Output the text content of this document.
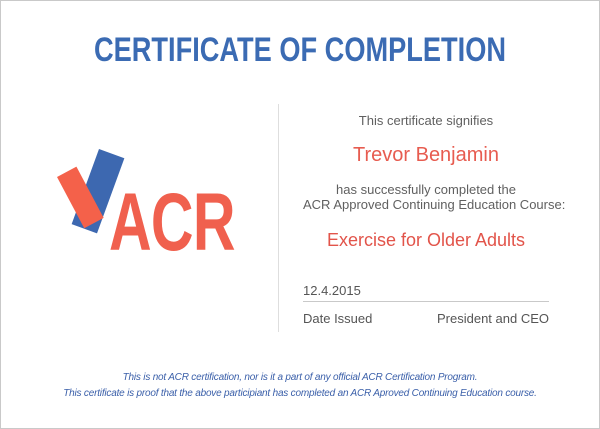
CERTIFICATE OF COMPLETION
ACR

This certificate signifies

Trevor Benjamin

has successfully completed the
ACR Approved Continuing Education Course:

Exercise for Older Adults

12.4.2015

Date Issued	President and CEO
This is not ACR certification, nor is it a part of any official ACR Certification Program.
This certificate is proof that the above participiant has completed an ACR Aproved Continuing Education course.
